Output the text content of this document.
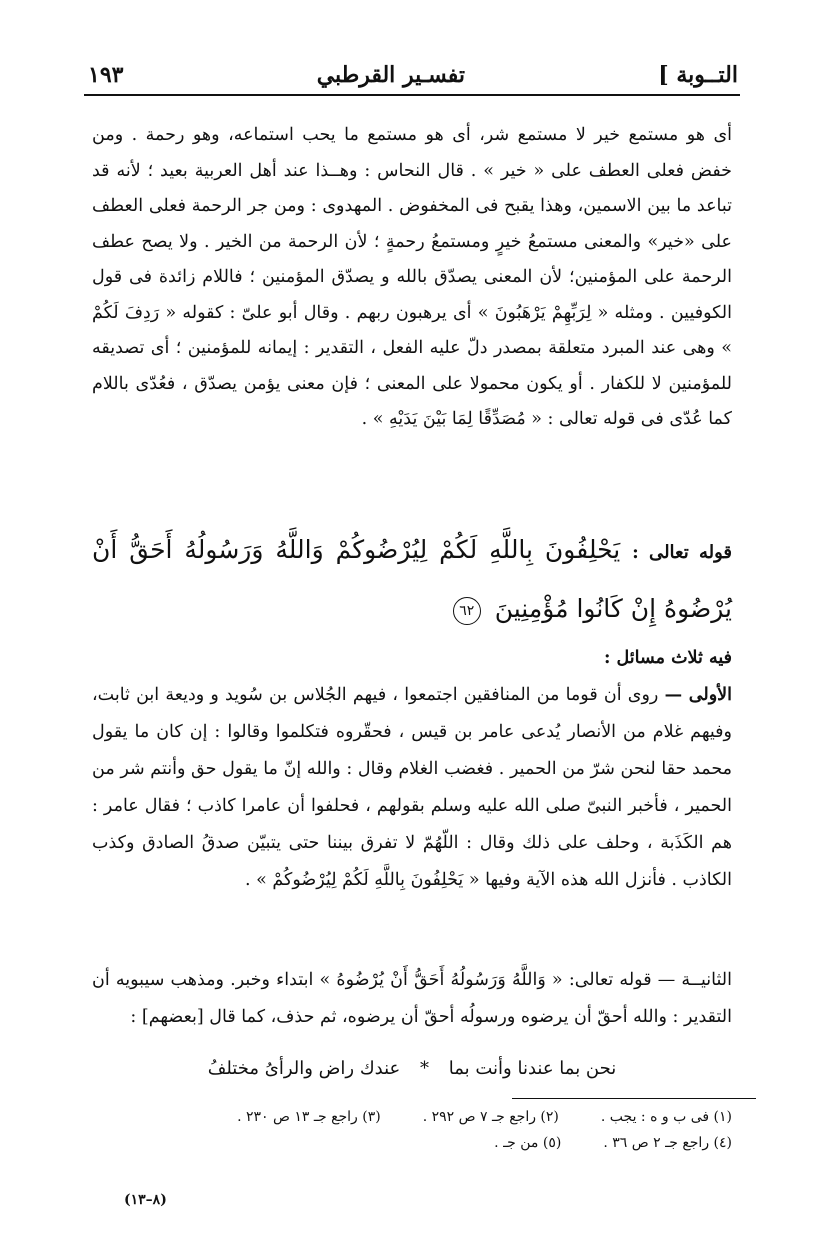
التــوبة ]
تفسـير القرطبي
١٩٣

أى هو مستمع خير لا مستمع شر، أى هو مستمع ما يحب استماعه، وهو رحمة . ومن خفض فعلى العطف على « خير » . قال النحاس : وهــذا عند أهل العربية بعيد ؛ لأنه قد تباعد ما بين الاسمين، وهذا يقبح فى المخفوض . المهدوى : ومن جر الرحمة فعلى العطف على «خير» والمعنى مستمعُ خيرٍ ومستمعُ رحمةٍ ؛ لأن الرحمة من الخير . ولا يصح عطف الرحمة على المؤمنين؛ لأن المعنى يصدّق بالله و يصدّق المؤمنين ؛ فاللام زائدة فى قول الكوفيين . ومثله « لِرَبِّهِمْ يَرْهَبُونَ » أى يرهبون ربهم . وقال أبو علىّ : كقوله « رَدِفَ لَكُمْ » وهى عند المبرد متعلقة بمصدر دلّ عليه الفعل ، التقدير : إيمانه للمؤمنين ؛ أى تصديقه للمؤمنين لا للكفار . أو يكون محمولا على المعنى ؛ فإن معنى يؤمن يصدّق ، فعُدّى باللام كما عُدّى فى قوله تعالى : « مُصَدِّقًا لِمَا بَيْنَ يَدَيْهِ » .

قوله تعالى : يَحْلِفُونَ بِاللَّهِ لَكُمْ لِيُرْضُوكُمْ وَاللَّهُ وَرَسُولُهُ أَحَقُّ أَنْ يُرْضُوهُ إِنْ كَانُوا مُؤْمِنِينَ ٦٢

فيه ثلاث مسائل :

الأولى — روى أن قوما من المنافقين اجتمعوا ، فيهم الجُلاس بن سُويد و وديعة ابن ثابت، وفيهم غلام من الأنصار يُدعى عامر بن قيس ، فحقّروه فتكلموا وقالوا : إن كان ما يقول محمد حقا لنحن شرّ من الحمير . فغضب الغلام وقال : والله إنّ ما يقول حق وأنتم شر من الحمير ، فأخبر النبىّ صلى الله عليه وسلم بقولهم ، فحلفوا أن عامرا كاذب ؛ فقال عامر : هم الكَذَبة ، وحلف على ذلك وقال : اللّهُمّ لا تفرق بيننا حتى يتبيّن صدقُ الصادق وكذب الكاذب . فأنزل الله هذه الآية وفيها « يَحْلِفُونَ بِاللَّهِ لَكُمْ لِيُرْضُوكُمْ » .

الثانيــة — قوله تعالى: « وَاللَّهُ وَرَسُولُهُ أَحَقُّ أَنْ يُرْضُوهُ » ابتداء وخبر. ومذهب سيبويه أن التقدير : والله أحقّ أن يرضوه ورسولُه أحقّ أن يرضوه، ثم حذف، كما قال [بعضهم] :

نحن بما عندنا وأنت بما * عندك راض والرأىُ مختلفُ
(١) فى ب و ه : يجب .
(٢) راجع جـ ٧ ص ٢٩٢ .
(٣) راجع جـ ١٣ ص ٢٣٠ .
(٤) راجع جـ ٢ ص ٣٦ .
(٥) من جـ .
(٨–١٣)
